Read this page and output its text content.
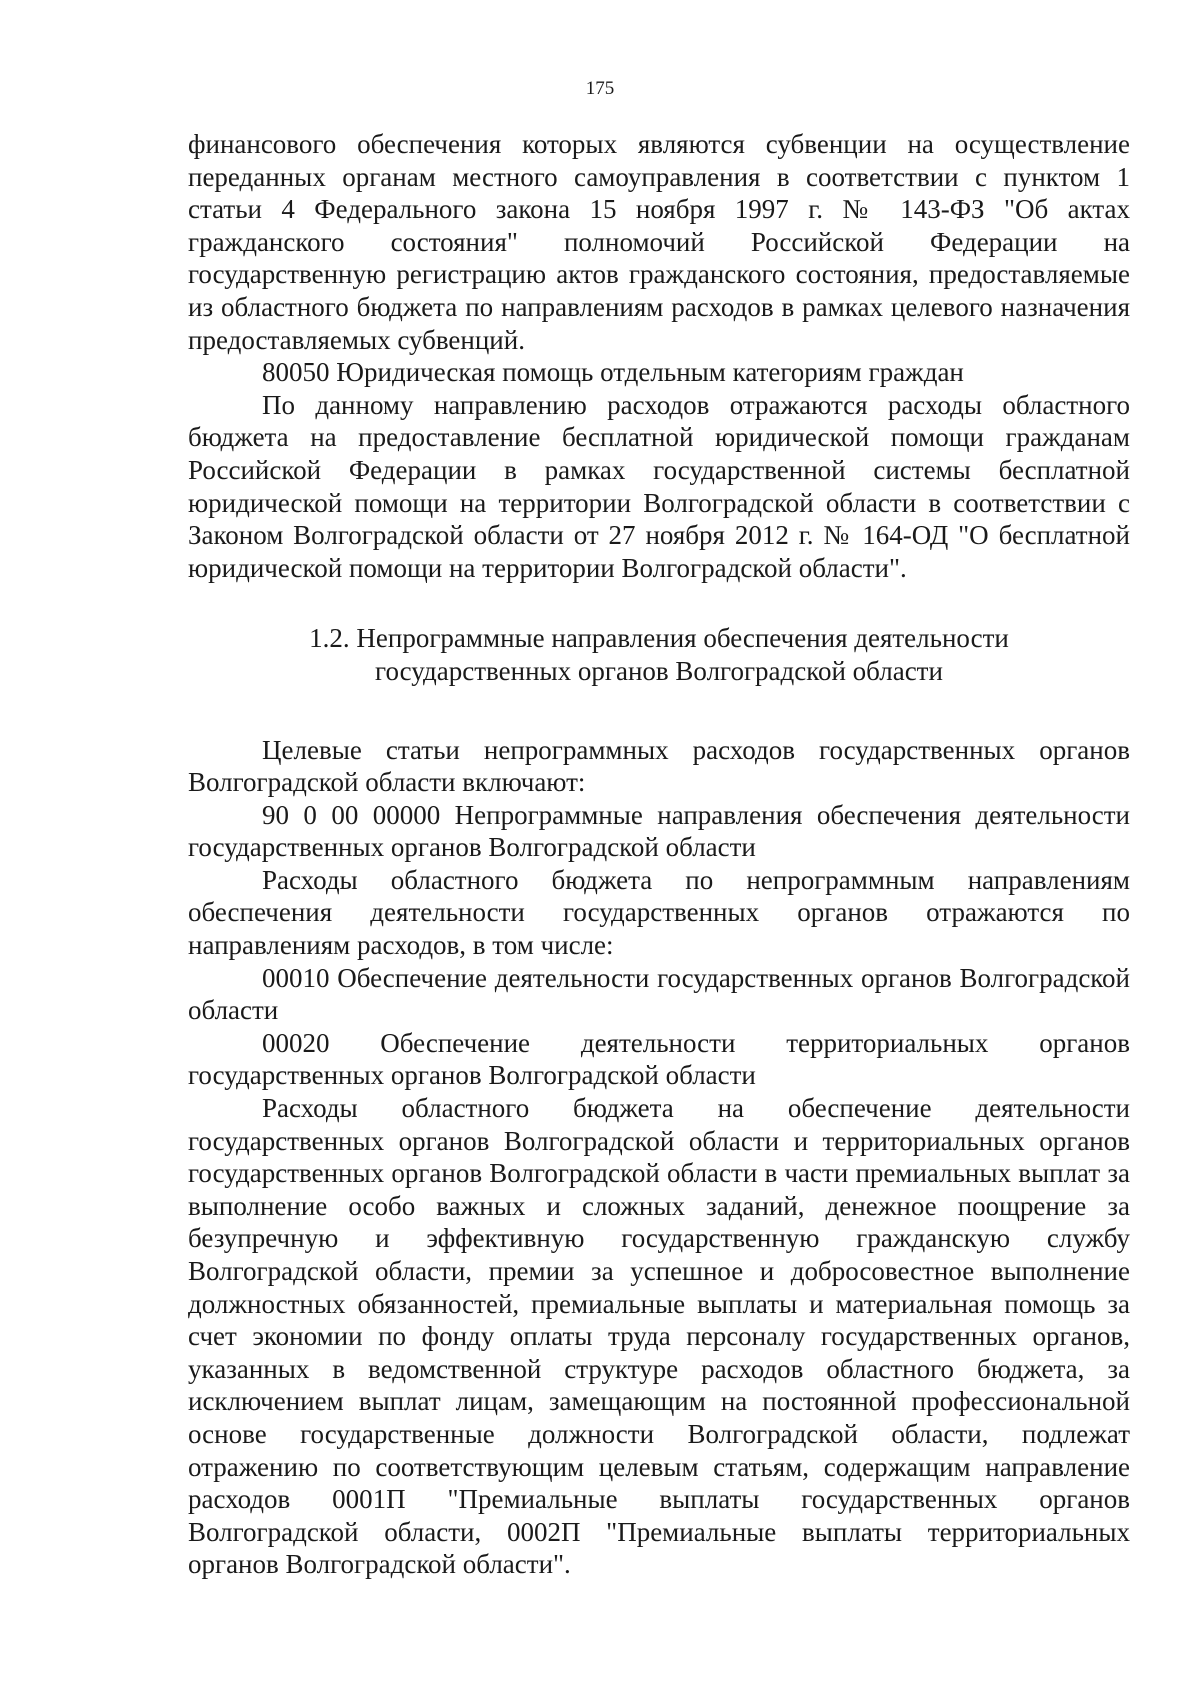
175

финансового обеспечения которых являются субвенции на осуществление переданных органам местного самоуправления в соответствии с пунктом 1 статьи 4 Федерального закона 15 ноября 1997 г. № 143-ФЗ "Об актах гражданского состояния" полномочий Российской Федерации на государственную регистрацию актов гражданского состояния, предоставляемые из областного бюджета по направлениям расходов в рамках целевого назначения предоставляемых субвенций.

80050 Юридическая помощь отдельным категориям граждан

По данному направлению расходов отражаются расходы областного бюджета на предоставление бесплатной юридической помощи гражданам Российской Федерации в рамках государственной системы бесплатной юридической помощи на территории Волгоградской области в соответствии с Законом Волгоградской области от 27 ноября 2012 г. № 164-ОД "О бесплатной юридической помощи на территории Волгоградской области".

1.2. Непрограммные направления обеспечения деятельности
государственных органов Волгоградской области

Целевые статьи непрограммных расходов государственных органов Волгоградской области включают:

90 0 00 00000 Непрограммные направления обеспечения деятельности государственных органов Волгоградской области

Расходы областного бюджета по непрограммным направлениям обеспечения деятельности государственных органов отражаются по направлениям расходов, в том числе:

00010 Обеспечение деятельности государственных органов Волгоградской области

00020 Обеспечение деятельности территориальных органов государственных органов Волгоградской области

Расходы областного бюджета на обеспечение деятельности государственных органов Волгоградской области и территориальных органов государственных органов Волгоградской области в части премиальных выплат за выполнение особо важных и сложных заданий, денежное поощрение за безупречную и эффективную государственную гражданскую службу Волгоградской области, премии за успешное и добросовестное выполнение должностных обязанностей, премиальные выплаты и материальная помощь за счет экономии по фонду оплаты труда персоналу государственных органов, указанных в ведомственной структуре расходов областного бюджета, за исключением выплат лицам, замещающим на постоянной профессиональной основе государственные должности Волгоградской области, подлежат отражению по соответствующим целевым статьям, содержащим направление расходов 0001П "Премиальные выплаты государственных органов Волгоградской области, 0002П "Премиальные выплаты территориальных органов Волгоградской области".
